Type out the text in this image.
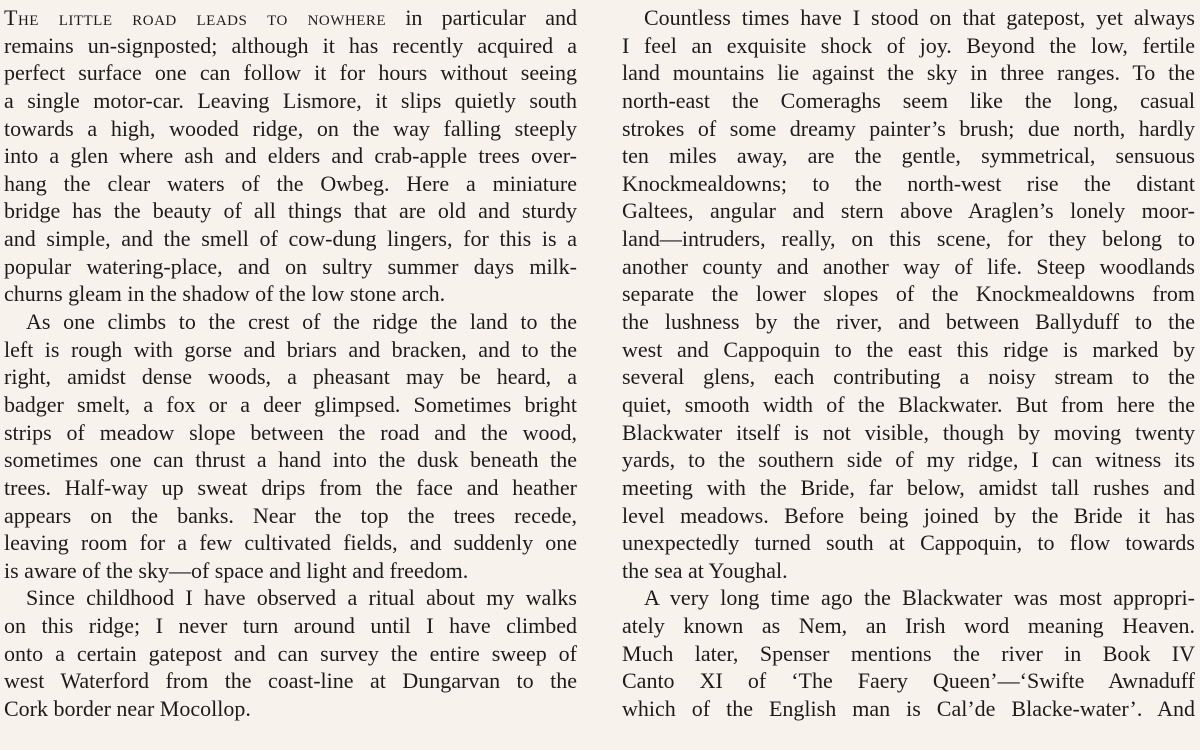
The little road leads to nowhere in particular and
remains un-signposted; although it has recently acquired a
perfect surface one can follow it for hours without seeing
a single motor-car. Leaving Lismore, it slips quietly south
towards a high, wooded ridge, on the way falling steeply
into a glen where ash and elders and crab-apple trees over-
hang the clear waters of the Owbeg. Here a miniature
bridge has the beauty of all things that are old and sturdy
and simple, and the smell of cow-dung lingers, for this is a
popular watering-place, and on sultry summer days milk-
churns gleam in the shadow of the low stone arch.
As one climbs to the crest of the ridge the land to the
left is rough with gorse and briars and bracken, and to the
right, amidst dense woods, a pheasant may be heard, a
badger smelt, a fox or a deer glimpsed. Sometimes bright
strips of meadow slope between the road and the wood,
sometimes one can thrust a hand into the dusk beneath the
trees. Half-way up sweat drips from the face and heather
appears on the banks. Near the top the trees recede,
leaving room for a few cultivated fields, and suddenly one
is aware of the sky—of space and light and freedom.
Since childhood I have observed a ritual about my walks
on this ridge; I never turn around until I have climbed
onto a certain gatepost and can survey the entire sweep of
west Waterford from the coast-line at Dungarvan to the
Cork border near Mocollop.
Countless times have I stood on that gatepost, yet always
I feel an exquisite shock of joy. Beyond the low, fertile
land mountains lie against the sky in three ranges. To the
north-east the Comeraghs seem like the long, casual
strokes of some dreamy painter’s brush; due north, hardly
ten miles away, are the gentle, symmetrical, sensuous
Knockmealdowns; to the north-west rise the distant
Galtees, angular and stern above Araglen’s lonely moor-
land—intruders, really, on this scene, for they belong to
another county and another way of life. Steep woodlands
separate the lower slopes of the Knockmealdowns from
the lushness by the river, and between Ballyduff to the
west and Cappoquin to the east this ridge is marked by
several glens, each contributing a noisy stream to the
quiet, smooth width of the Blackwater. But from here the
Blackwater itself is not visible, though by moving twenty
yards, to the southern side of my ridge, I can witness its
meeting with the Bride, far below, amidst tall rushes and
level meadows. Before being joined by the Bride it has
unexpectedly turned south at Cappoquin, to flow towards
the sea at Youghal.
A very long time ago the Blackwater was most appropri-
ately known as Nem, an Irish word meaning Heaven.
Much later, Spenser mentions the river in Book IV
Canto XI of ‘The Faery Queen’—‘Swifte Awnaduff
which of the English man is Cal’de Blacke-water’. And
